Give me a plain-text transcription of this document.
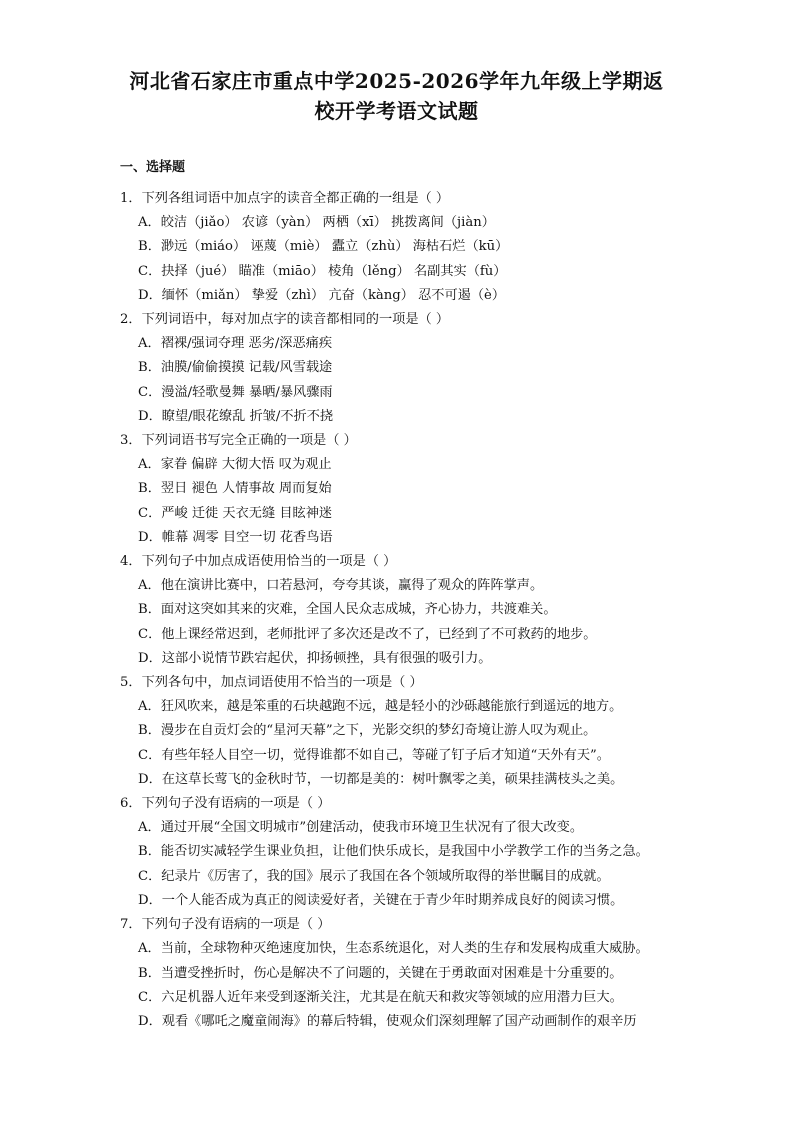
河北省石家庄市重点中学2025-2026学年九年级上学期返
校开学考语文试题
一、选择题
1．下列各组词语中加点字的读音全都正确的一组是（ ）
A．皎洁（jiǎo） 农谚（yàn） 两栖（xī） 挑拨离间（jiàn）
B．渺远（miáo） 诬蔑（miè） 蠹立（zhù） 海枯石烂（kū）
C．抉择（jué） 瞄准（miāo） 棱角（lěng） 名副其实（fù）
D．缅怀（miǎn） 挚爱（zhì） 亢奋（kàng） 忍不可遏（è）
2．下列词语中，每对加点字的读音都相同的一项是（ ）
A．褶裸/强词夺理 恶劣/深恶痛疾
B．油膜/偷偷摸摸 记载/风雪载途
C．漫溢/轻歌曼舞 暴晒/暴风骤雨
D．瞭望/眼花缭乱 折皱/不折不挠
3．下列词语书写完全正确的一项是（ ）
A．家眷 偏辟 大彻大悟 叹为观止
B．翌日 褪色 人情事故 周而复始
C．严峻 迁徙 天衣无缝 目眩神迷
D．帷幕 凋零 目空一切 花香鸟语
4．下列句子中加点成语使用恰当的一项是（ ）
A．他在演讲比赛中，口若悬河，夸夸其谈，赢得了观众的阵阵掌声。
B．面对这突如其来的灾难，全国人民众志成城，齐心协力，共渡难关。
C．他上课经常迟到，老师批评了多次还是改不了，已经到了不可救药的地步。
D．这部小说情节跌宕起伏，抑扬顿挫，具有很强的吸引力。
5．下列各句中，加点词语使用不恰当的一项是（ ）
A．狂风吹来，越是笨重的石块越跑不远，越是轻小的沙砾越能旅行到遥远的地方。
B．漫步在自贡灯会的“星河天幕”之下，光影交织的梦幻奇境让游人叹为观止。
C．有些年轻人目空一切，觉得谁都不如自己，等碰了钉子后才知道“天外有天”。
D．在这草长莺飞的金秋时节，一切都是美的：树叶飘零之美，硕果挂满枝头之美。
6．下列句子没有语病的一项是（ ）
A．通过开展“全国文明城市”创建活动，使我市环境卫生状况有了很大改变。
B．能否切实减轻学生课业负担，让他们快乐成长，是我国中小学教学工作的当务之急。
C．纪录片《厉害了，我的国》展示了我国在各个领域所取得的举世瞩目的成就。
D．一个人能否成为真正的阅读爱好者，关键在于青少年时期养成良好的阅读习惯。
7．下列句子没有语病的一项是（ ）
A．当前，全球物种灭绝速度加快，生态系统退化，对人类的生存和发展构成重大威胁。
B．当遭受挫折时，伤心是解决不了问题的，关键在于勇敢面对困难是十分重要的。
C．六足机器人近年来受到逐渐关注，尤其是在航天和救灾等领域的应用潜力巨大。
D．观看《哪吒之魔童闹海》的幕后特辑，使观众们深刻理解了国产动画制作的艰辛历
